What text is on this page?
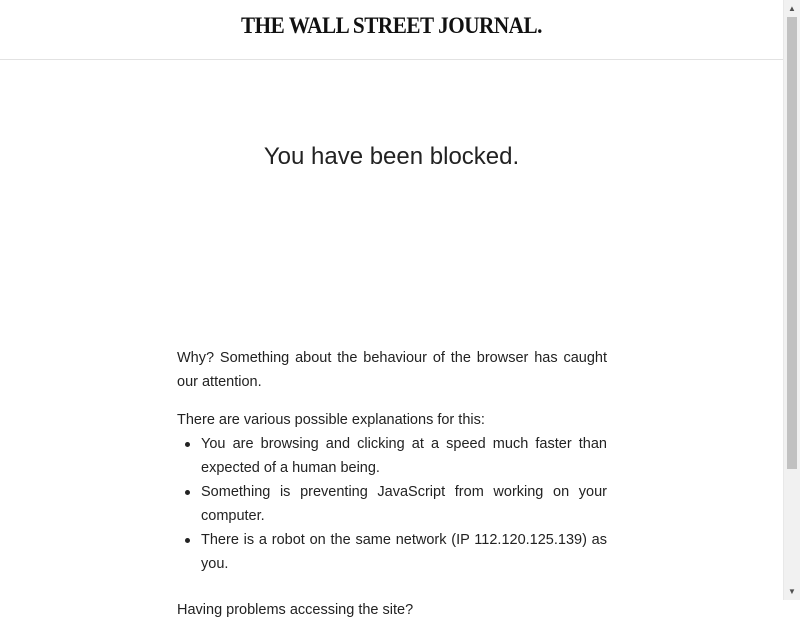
THE WALL STREET JOURNAL.
You have been blocked.

Why? Something about the behaviour of the browser has caught our attention.

There are various possible explanations for this:

You are browsing and clicking at a speed much faster than expected of a human being.
Something is preventing JavaScript from working on your computer.
There is a robot on the same network (IP 112.120.125.139) as you.

Having problems accessing the site?

▲
▼
